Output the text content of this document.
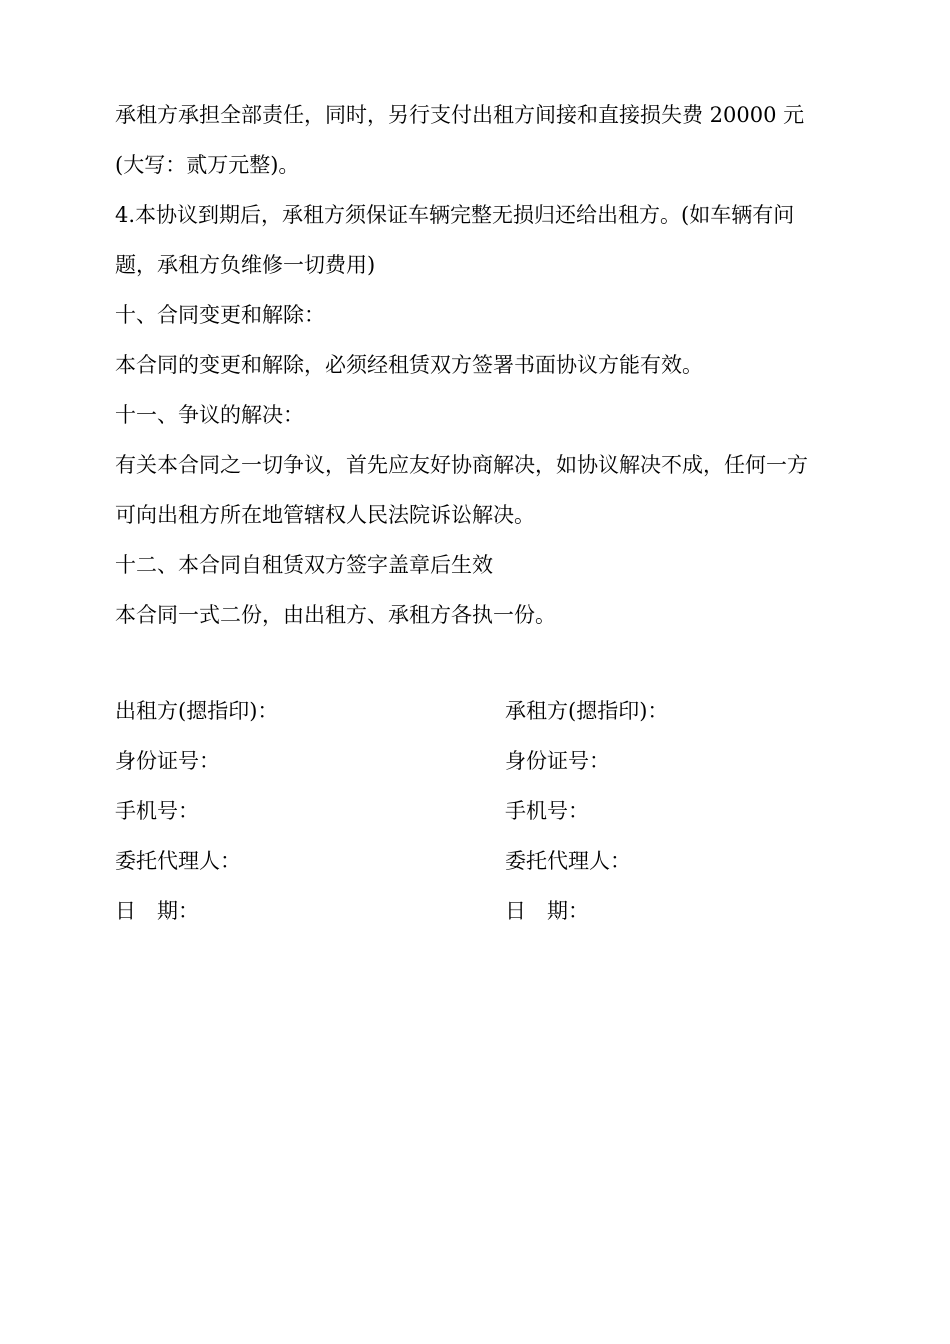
承租方承担全部责任，同时，另行支付出租方间接和直接损失费 20000 元

(大写：贰万元整)。

4.本协议到期后，承租方须保证车辆完整无损归还给出租方。(如车辆有问

题，承租方负维修一切费用)

十、合同变更和解除：

本合同的变更和解除，必须经租赁双方签署书面协议方能有效。

十一、争议的解决：

有关本合同之一切争议，首先应友好协商解决，如协议解决不成，任何一方

可向出租方所在地管辖权人民法院诉讼解决。

十二、本合同自租赁双方签字盖章后生效

本合同一式二份，由出租方、承租方各执一份。

出租方(摁指印)：
身份证号：
手机号：
委托代理人：
日　期：
承租方(摁指印)：
身份证号：
手机号：
委托代理人：
日　期：
